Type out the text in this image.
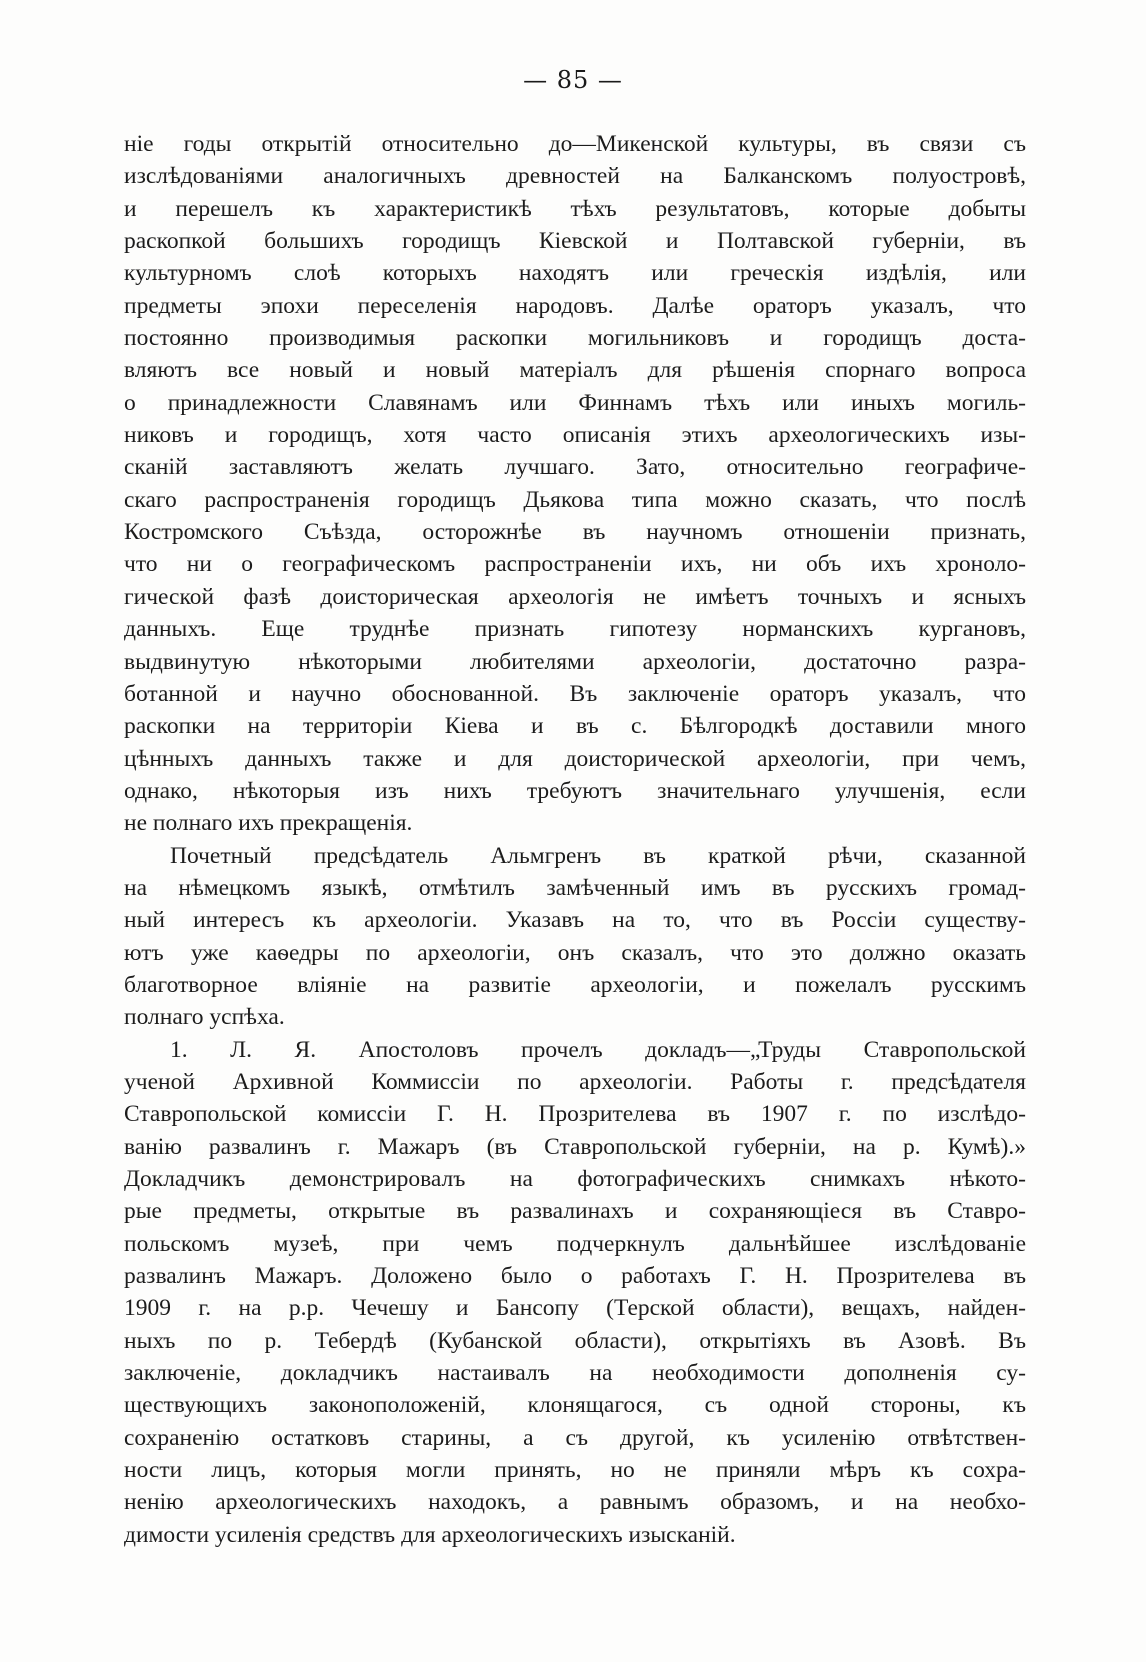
— 85 —
ніе годы открытій относительно до—Микенской культуры, въ связи съ
изслѣдованіями аналогичныхъ древностей на Балканскомъ полуостровѣ,
и перешелъ къ характеристикѣ тѣхъ результатовъ, которые добыты
раскопкой большихъ городищъ Кіевской и Полтавской губерніи, въ
культурномъ слоѣ которыхъ находятъ или греческія издѣлія, или
предметы эпохи переселенія народовъ. Далѣе ораторъ указалъ, что
постоянно производимыя раскопки могильниковъ и городищъ доста-
вляютъ все новый и новый матеріалъ для рѣшенія спорнаго вопроса
о принадлежности Славянамъ или Финнамъ тѣхъ или иныхъ могиль-
никовъ и городищъ, хотя часто описанія этихъ археологическихъ изы-
сканій заставляютъ желать лучшаго. Зато, относительно географиче-
скаго распространенія городищъ Дьякова типа можно сказать, что послѣ
Костромского Съѣзда, осторожнѣе въ научномъ отношеніи признать,
что ни о географическомъ распространеніи ихъ, ни объ ихъ хроноло-
гической фазѣ доисторическая археологія не имѣетъ точныхъ и ясныхъ
данныхъ. Еще труднѣе признать гипотезу норманскихъ кургановъ,
выдвинутую нѣкоторыми любителями археологіи, достаточно разра-
ботанной и научно обоснованной. Въ заключеніе ораторъ указалъ, что
раскопки на территоріи Кіева и въ с. Бѣлгородкѣ доставили много
цѣнныхъ данныхъ также и для доисторической археологіи, при чемъ,
однако, нѣкоторыя изъ нихъ требуютъ значительнаго улучшенія, если
не полнаго ихъ прекращенія.
Почетный предсѣдатель Альмгренъ въ краткой рѣчи, сказанной
на нѣмецкомъ языкѣ, отмѣтилъ замѣченный имъ въ русскихъ громад-
ный интересъ къ археологіи. Указавъ на то, что въ Россіи существу-
ютъ уже каѳедры по археологіи, онъ сказалъ, что это должно оказать
благотворное вліяніе на развитіе археологіи, и пожелалъ русскимъ
полнаго успѣха.
1. Л. Я. Апостоловъ прочелъ докладъ—„Труды Ставропольской
ученой Архивной Коммиссіи по археологіи. Работы г. предсѣдателя
Ставропольской комиссіи Г. Н. Прозрителева въ 1907 г. по изслѣдо-
ванію развалинъ г. Мажаръ (въ Ставропольской губерніи, на р. Кумѣ).»
Докладчикъ демонстрировалъ на фотографическихъ снимкахъ нѣкото-
рые предметы, открытые въ развалинахъ и сохраняющіеся въ Ставро-
польскомъ музеѣ, при чемъ подчеркнулъ дальнѣйшее изслѣдованіе
развалинъ Мажаръ. Доложено было о работахъ Г. Н. Прозрителева въ
1909 г. на р.р. Чечешу и Бансопу (Терской области), вещахъ, найден-
ныхъ по р. Тебердѣ (Кубанской области), открытіяхъ въ Азовѣ. Въ
заключеніе, докладчикъ настаивалъ на необходимости дополненія су-
ществующихъ законоположеній, клонящагося, съ одной стороны, къ
сохраненію остатковъ старины, а съ другой, къ усиленію отвѣтствен-
ности лицъ, которыя могли принять, но не приняли мѣръ къ сохра-
ненію археологическихъ находокъ, а равнымъ образомъ, и на необхо-
димости усиленія средствъ для археологическихъ изысканій.
